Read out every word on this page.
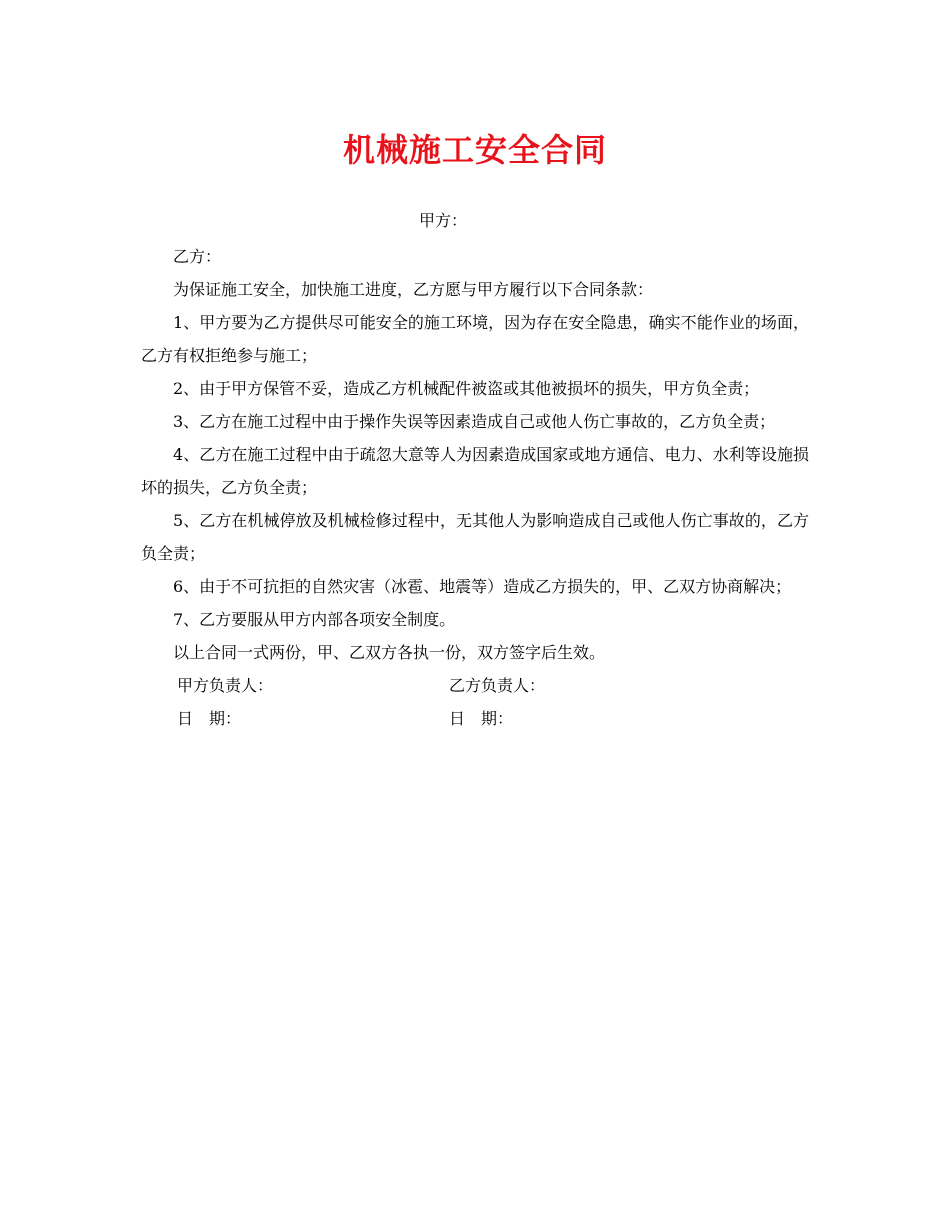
机械施工安全合同
甲方：

乙方：

为保证施工安全，加快施工进度，乙方愿与甲方履行以下合同条款：

1、甲方要为乙方提供尽可能安全的施工环境，因为存在安全隐患，确实不能作业的场面，乙方有权拒绝参与施工；

2、由于甲方保管不妥，造成乙方机械配件被盗或其他被损坏的损失，甲方负全责；

3、乙方在施工过程中由于操作失误等因素造成自己或他人伤亡事故的，乙方负全责；

4、乙方在施工过程中由于疏忽大意等人为因素造成国家或地方通信、电力、水利等设施损坏的损失，乙方负全责；

5、乙方在机械停放及机械检修过程中，无其他人为影响造成自己或他人伤亡事故的，乙方负全责；

6、由于不可抗拒的自然灾害（冰雹、地震等）造成乙方损失的，甲、乙双方协商解决；

7、乙方要服从甲方内部各项安全制度。

以上合同一式两份，甲、乙双方各执一份，双方签字后生效。

甲方负责人：	乙方负责人：
日　期：	日　期：
